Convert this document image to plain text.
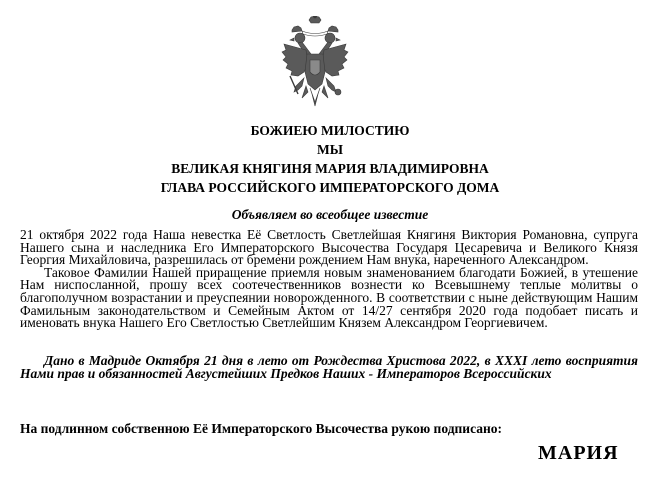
БОЖИЕЮ МИЛОСТИЮ
МЫ
ВЕЛИКАЯ КНЯГИНЯ МАРИЯ ВЛАДИМИРОВНА
ГЛАВА РОССИЙСКОГО ИМПЕРАТОРСКОГО ДОМА
Объявляем во всеобщее известие

21 октября 2022 года Наша невестка Её Светлость Светлейшая Княгиня Виктория Романовна, супруга Нашего сына и наследника Его Императорского Высочества Государя Цесаревича и Великого Князя Георгия Михайловича, разрешилась от бремени рождением Нам внука, нареченного Александром.

Таковое Фамилии Нашей приращение приемля новым знаменованием благодати Божией, в утешение Нам ниспосланной, прошу всех соотечественников вознести ко Всевышнему теплые молитвы о благополучном возрастании и преуспеянии новорожденного. В соответствии с ныне действующим Нашим Фамильным законодательством и Семейным Актом от 14/27 сентября 2020 года подобает писать и именовать внука Нашего Его Светлостью Светлейшим Князем Александром Георгиевичем.

Дано в Мадриде Октября 21 дня в лето от Рождества Христова 2022, в XXXI лето восприятия Нами прав и обязанностей Августейших Предков Наших - Императоров Всероссийских
На подлинном собственною Её Императорского Высочества рукою подписано:
МАРИЯ
